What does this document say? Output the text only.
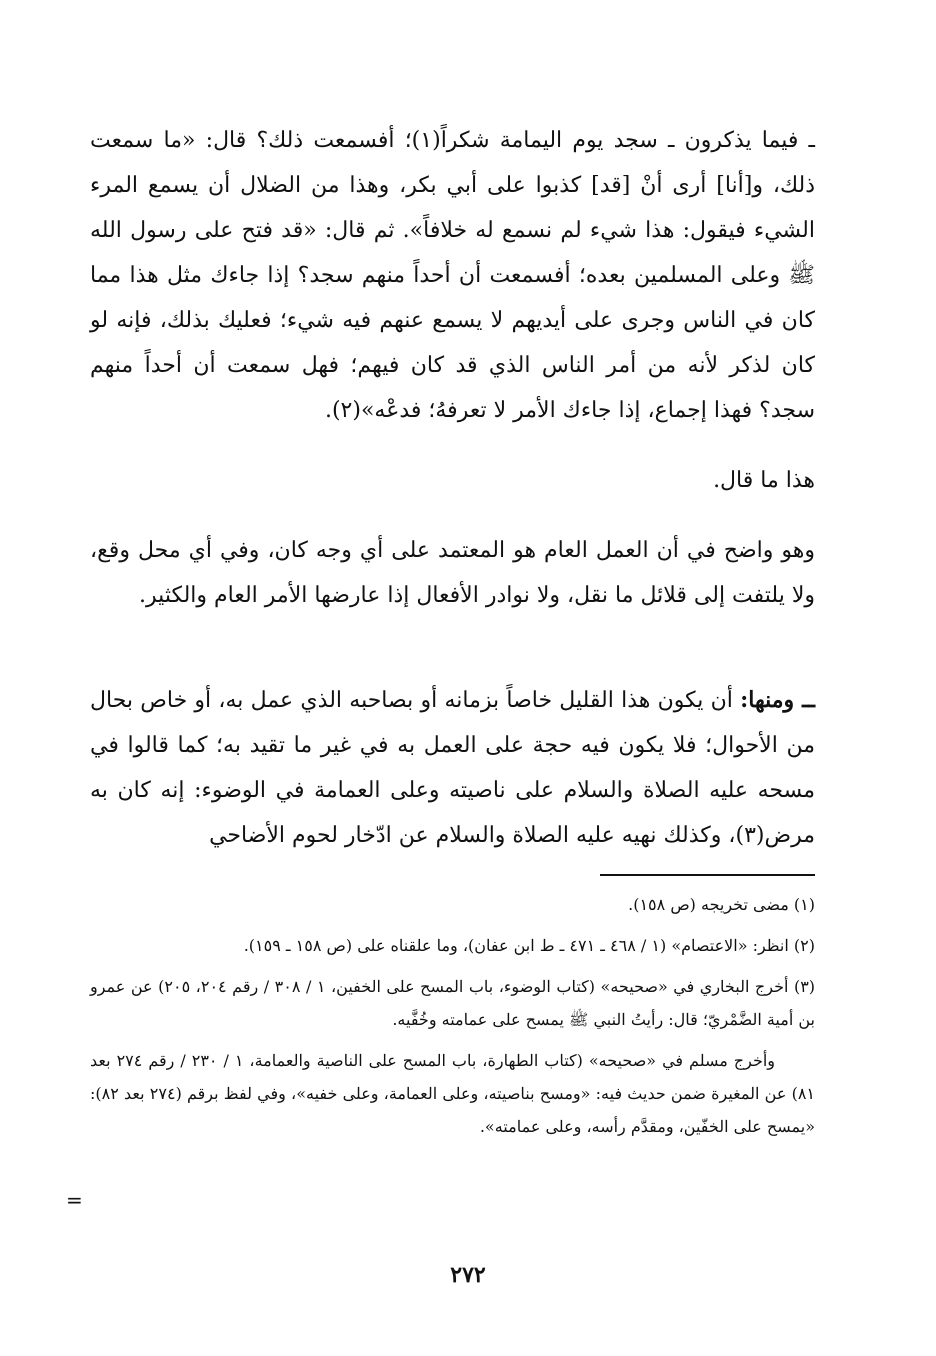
ـ فيما يذكرون ـ سجد يوم اليمامة شكراً(١)؛ أفسمعت ذلك؟ قال: «ما سمعت ذلك، و[أنا] أرى أنْ [قد] كذبوا على أبي بكر، وهذا من الضلال أن يسمع المرء الشيء فيقول: هذا شيء لم نسمع له خلافاً». ثم قال: «قد فتح على رسول الله ﷺ وعلى المسلمين بعده؛ أفسمعت أن أحداً منهم سجد؟ إذا جاءك مثل هذا مما كان في الناس وجرى على أيديهم لا يسمع عنهم فيه شيء؛ فعليك بذلك، فإنه لو كان لذكر لأنه من أمر الناس الذي قد كان فيهم؛ فهل سمعت أن أحداً منهم سجد؟ فهذا إجماع، إذا جاءك الأمر لا تعرفهُ؛ فدعْه»(٢).

هذا ما قال.

وهو واضح في أن العمل العام هو المعتمد على أي وجه كان، وفي أي محل وقع، ولا يلتفت إلى قلائل ما نقل، ولا نوادر الأفعال إذا عارضها الأمر العام والكثير.

ــ ومنها: أن يكون هذا القليل خاصاً بزمانه أو بصاحبه الذي عمل به، أو خاص بحال من الأحوال؛ فلا يكون فيه حجة على العمل به في غير ما تقيد به؛ كما قالوا في مسحه عليه الصلاة والسلام على ناصيته وعلى العمامة في الوضوء: إنه كان به مرض(٣)، وكذلك نهيه عليه الصلاة والسلام عن ادّخار لحوم الأضاحي

(١) مضى تخريجه (ص ١٥٨).

(٢) انظر: «الاعتصام» (١ / ٤٦٨ ـ ٤٧١ ـ ط ابن عفان)، وما علقناه على (ص ١٥٨ ـ ١٥٩).

(٣) أخرج البخاري في «صحيحه» (كتاب الوضوء، باب المسح على الخفين، ١ / ٣٠٨ / رقم ٢٠٤، ٢٠٥) عن عمرو بن أمية الضَّمْريّ؛ قال: رأيتُ النبي ﷺ يمسح على عمامته وخُفَّيه.

وأخرج مسلم في «صحيحه» (كتاب الطهارة، باب المسح على الناصية والعمامة، ١ / ٢٣٠ / رقم ٢٧٤ بعد ٨١) عن المغيرة ضمن حديث فيه: «ومسح بناصيته، وعلى العمامة، وعلى خفيه»، وفي لفظ برقم (٢٧٤ بعد ٨٢): «يمسح على الخفّين، ومقدَّم رأسه، وعلى عمامته».

=
٢٧٢
